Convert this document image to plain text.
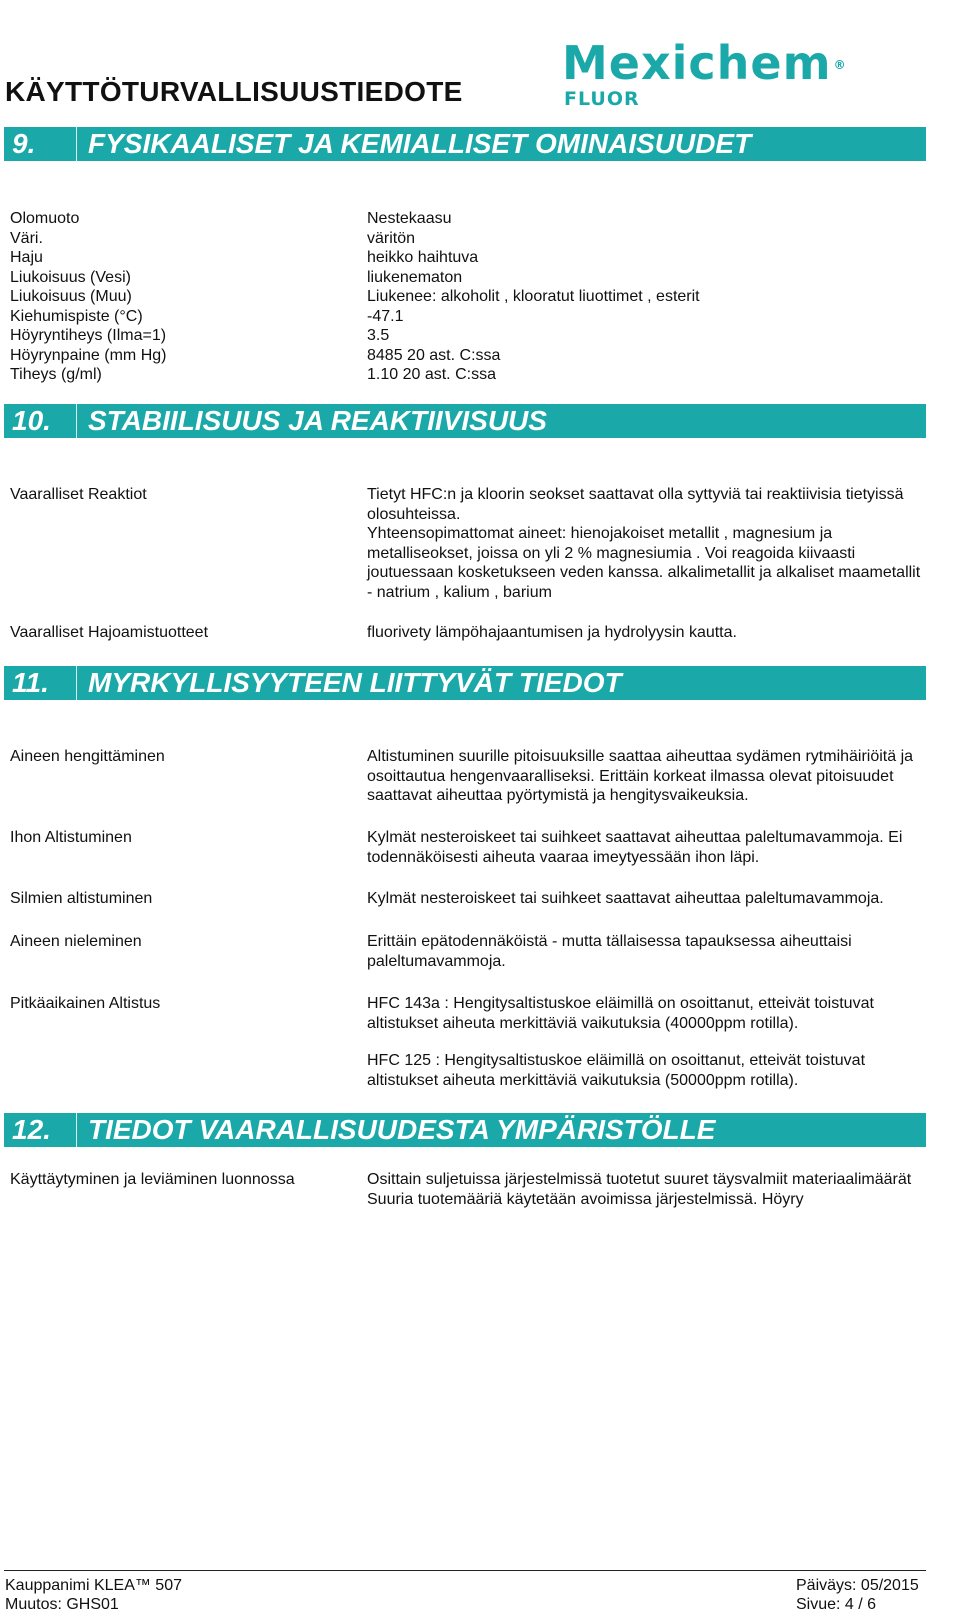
KÄYTTÖTURVALLISUUSTIEDOTE
Mexichem ®
FLUOR
9.	FYSIKAALISET JA KEMIALLISET OMINAISUUDET
Olomuoto	Nestekaasu
Väri.	väritön
Haju	heikko haihtuva
Liukoisuus (Vesi)	liukenematon
Liukoisuus (Muu)	Liukenee: alkoholit , klooratut liuottimet , esterit
Kiehumispiste (°C)	-47.1
Höyryntiheys (Ilma=1)	3.5
Höyrynpaine (mm Hg)	8485 20 ast. C:ssa
Tiheys (g/ml)	1.10 20 ast. C:ssa
10.	STABIILISUUS JA REAKTIIVISUUS
Vaaralliset Reaktiot	Tietyt HFC:n ja kloorin seokset saattavat olla syttyviä tai reaktiivisia tietyissä olosuhteissa.
Yhteensopimattomat aineet: hienojakoiset metallit , magnesium ja metalliseokset, joissa on yli 2 % magnesiumia . Voi reagoida kiivaasti joutuessaan kosketukseen veden kanssa. alkalimetallit ja alkaliset maametallit - natrium , kalium , barium
Vaaralliset Hajoamistuotteet	fluorivety lämpöhajaantumisen ja hydrolyysin kautta.
11.	MYRKYLLISYYTEEN LIITTYVÄT TIEDOT
Aineen hengittäminen	Altistuminen suurille pitoisuuksille saattaa aiheuttaa sydämen rytmihäiriöitä ja osoittautua hengenvaaralliseksi. Erittäin korkeat ilmassa olevat pitoisuudet saattavat aiheuttaa pyörtymistä ja hengitysvaikeuksia.
Ihon Altistuminen	Kylmät nesteroiskeet tai suihkeet saattavat aiheuttaa paleltumavammoja. Ei todennäköisesti aiheuta vaaraa imeytyessään ihon läpi.
Silmien altistuminen	Kylmät nesteroiskeet tai suihkeet saattavat aiheuttaa paleltumavammoja.
Aineen nieleminen	Erittäin epätodennäköistä - mutta tällaisessa tapauksessa aiheuttaisi paleltumavammoja.
Pitkäaikainen Altistus	HFC 143a : Hengitysaltistuskoe eläimillä on osoittanut, etteivät toistuvat altistukset aiheuta merkittäviä vaikutuksia (40000ppm rotilla).
HFC 125 : Hengitysaltistuskoe eläimillä on osoittanut, etteivät toistuvat altistukset aiheuta merkittäviä vaikutuksia (50000ppm rotilla).
12.	TIEDOT VAARALLISUUDESTA YMPÄRISTÖLLE
Käyttäytyminen ja leviäminen luonnossa	Osittain suljetuissa järjestelmissä tuotetut suuret täysvalmiit materiaalimäärät Suuria tuotemääriä käytetään avoimissa järjestelmissä. Höyry
Kauppanimi KLEA™ 507
Muutos: GHS01
Päiväys: 05/2015
Sivue: 4 / 6
